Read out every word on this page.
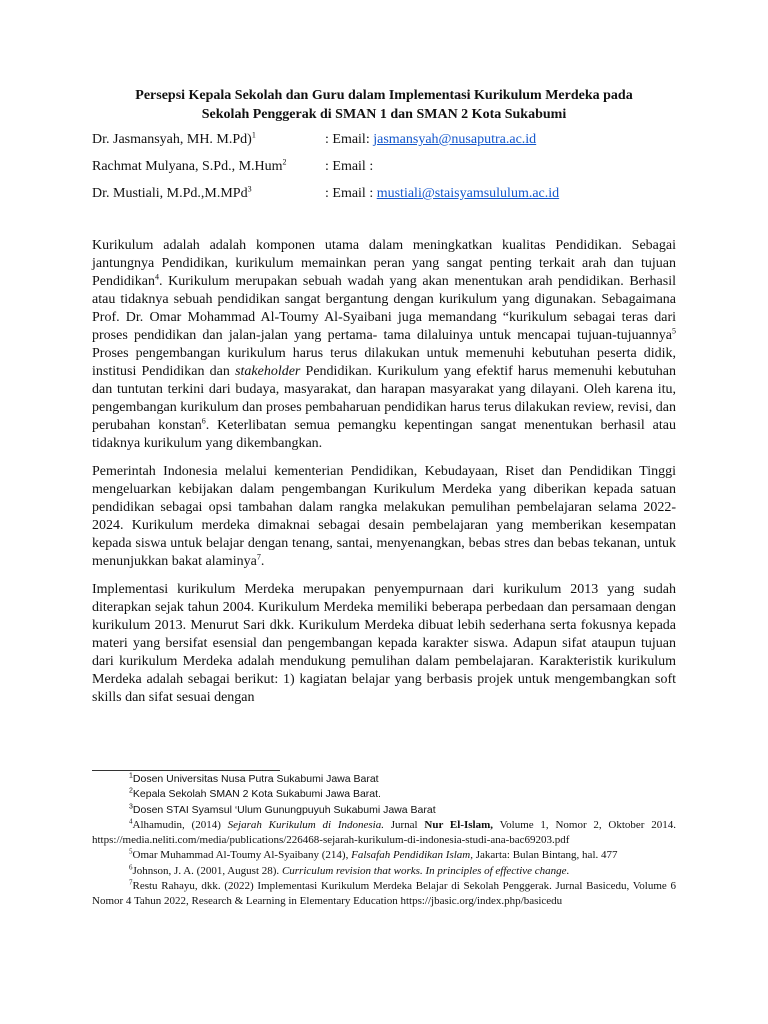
Persepsi Kepala Sekolah dan Guru dalam Implementasi Kurikulum Merdeka pada
Sekolah Penggerak di SMAN 1 dan SMAN 2 Kota Sukabumi
Dr. Jasmansyah, MH. M.Pd)$^1$	: Email: jasmansyah@nusaputra.ac.id
Rachmat Mulyana, S.Pd., M.Hum$^2$	: Email :
Dr. Mustiali, M.Pd.,M.MPd$^3$	: Email : mustiali@staisyamsululum.ac.id

Kurikulum adalah adalah komponen utama dalam meningkatkan kualitas Pendidikan. Sebagai jantungnya Pendidikan, kurikulum memainkan peran yang sangat penting terkait arah dan tujuan Pendidikan$^4$. Kurikulum merupakan sebuah wadah yang akan menentukan arah pendidikan. Berhasil atau tidaknya sebuah pendidikan sangat bergantung dengan kurikulum yang digunakan. Sebagaimana Prof. Dr. Omar Mohammad Al-Toumy Al-Syaibani juga memandang “kurikulum sebagai teras dari proses pendidikan dan jalan-jalan yang pertama- tama dilaluinya untuk mencapai tujuan-tujuannya$^5$ Proses pengembangan kurikulum harus terus dilakukan untuk memenuhi kebutuhan peserta didik, institusi Pendidikan dan stakeholder Pendidikan. Kurikulum yang efektif harus memenuhi kebutuhan dan tuntutan terkini dari budaya, masyarakat, dan harapan masyarakat yang dilayani. Oleh karena itu, pengembangan kurikulum dan proses pembaharuan pendidikan harus terus dilakukan review, revisi, dan perubahan konstan$^6$. Keterlibatan semua pemangku kepentingan sangat menentukan berhasil atau tidaknya kurikulum yang dikembangkan.

Pemerintah Indonesia melalui kementerian Pendidikan, Kebudayaan, Riset dan Pendidikan Tinggi mengeluarkan kebijakan dalam pengembangan Kurikulum Merdeka yang diberikan kepada satuan pendidikan sebagai opsi tambahan dalam rangka melakukan pemulihan pembelajaran selama 2022-2024. Kurikulum merdeka dimaknai sebagai desain pembelajaran yang memberikan kesempatan kepada siswa untuk belajar dengan tenang, santai, menyenangkan, bebas stres dan bebas tekanan, untuk menunjukkan bakat alaminya$^7$.

Implementasi kurikulum Merdeka merupakan penyempurnaan dari kurikulum 2013 yang sudah diterapkan sejak tahun 2004. Kurikulum Merdeka memiliki beberapa perbedaan dan persamaan dengan kurikulum 2013. Menurut Sari dkk. Kurikulum Merdeka dibuat lebih sederhana serta fokusnya kepada materi yang bersifat esensial dan pengembangan kepada karakter siswa. Adapun sifat ataupun tujuan dari kurikulum Merdeka adalah mendukung pemulihan dalam pembelajaran. Karakteristik kurikulum Merdeka adalah sebagai berikut: 1) kagiatan belajar yang berbasis projek untuk mengembangkan soft skills dan sifat sesuai dengan

$^1$Dosen Universitas Nusa Putra Sukabumi Jawa Barat

$^2$Kepala Sekolah SMAN 2 Kota Sukabumi Jawa Barat.

$^3$Dosen STAI Syamsul ‘Ulum Gunungpuyuh Sukabumi Jawa Barat

$^4$Alhamudin, (2014) Sejarah Kurikulum di Indonesia. Jurnal Nur El-Islam, Volume 1, Nomor 2, Oktober 2014. https://media.neliti.com/media/publications/226468-sejarah-kurikulum-di-indonesia-studi-ana-bac69203.pdf

$^5$Omar Muhammad Al-Toumy Al-Syaibany (214), Falsafah Pendidikan Islam, Jakarta: Bulan Bintang, hal. 477

$^6$Johnson, J. A. (2001, August 28). Curriculum revision that works. In principles of effective change.

$^7$Restu Rahayu, dkk. (2022) Implementasi Kurikulum Merdeka Belajar di Sekolah Penggerak. Jurnal Basicedu, Volume 6 Nomor 4 Tahun 2022, Research & Learning in Elementary Education https://jbasic.org/index.php/basicedu
